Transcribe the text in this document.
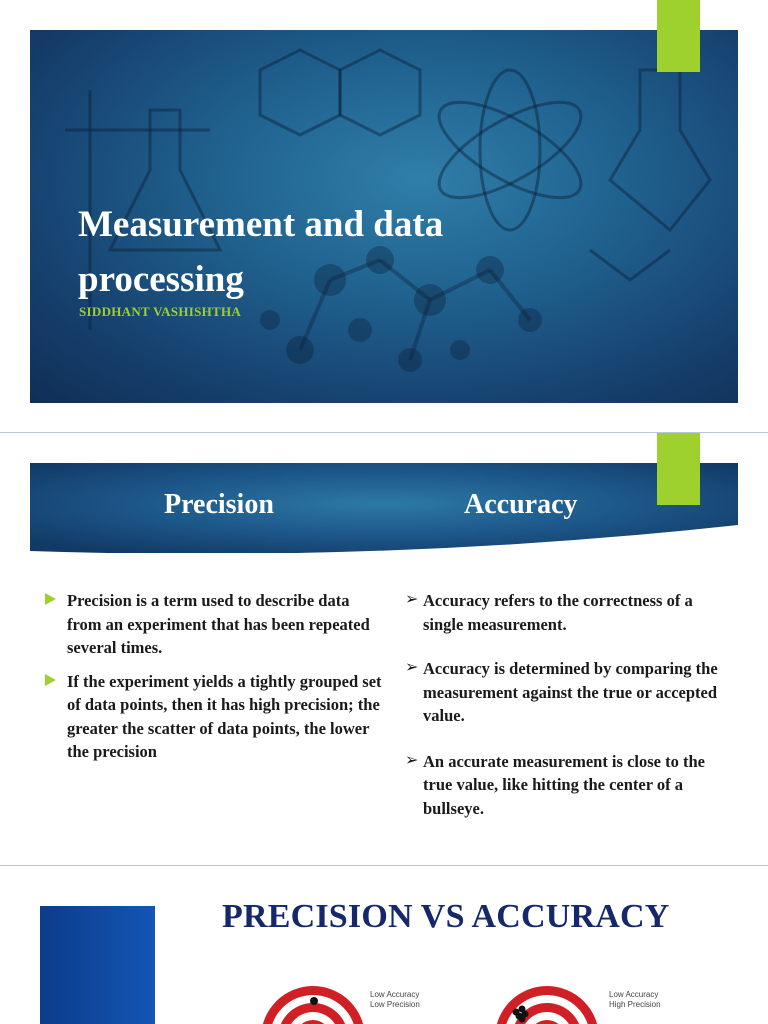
Measurement and data
processing
SIDDHANT VASHISHTHA
Precision	Accuracy
Precision is a term used to describe data from an experiment that has been repeated several times.
If the experiment yields a tightly grouped set of data points, then it has high precision; the greater the scatter of data points, the lower the precision
➢ Accuracy refers to the correctness of a single measurement.
➢ Accuracy is determined by comparing the measurement against the true or accepted value.
➢ An accurate measurement is close to the true value, like hitting the center of a bullseye.
PRECISION VS ACCURACY
Low Accuracy
Low Precision
Low Accuracy
High Precision
